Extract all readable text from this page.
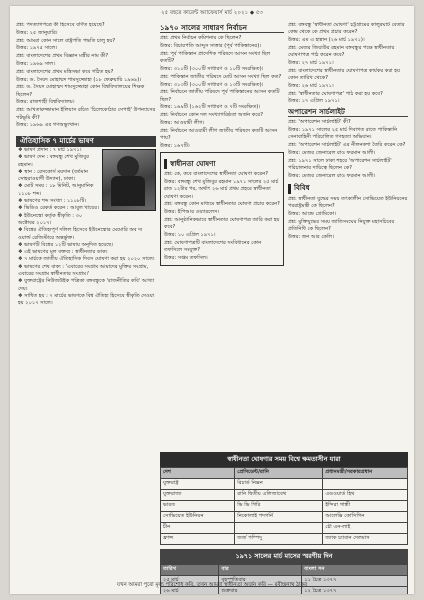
২৫ বছরে কারেন্ট অ্যাফেয়ার্স মার্চ ২০২১ ◆ ৫৩

প্রশ্ন: পদত্যাগপত্রে কী হিসেবে বর্ণিত হয়েছে?

উত্তর: ২৫ জানুয়ারি।

প্রশ্ন: আমরা কোন সালে রাষ্ট্রপতি পদ্ধতি চালু হয়?

উত্তর: ১৯৭৫ সালে।

প্রশ্ন: বাংলাদেশের প্রথম বিজ্ঞান মন্ত্রীর নাম কী?

উত্তর: ১৯৬৯ সাল।

প্রশ্ন: বাংলাদেশের প্রথম মন্ত্রিসভা কবে গঠিত হয়?

উত্তর: ড. সৈয়দ মোহাম্মদ শামসুজ্জোহা (১৮ ফেব্রুয়ারি ১৯৬৯)।

প্রশ্ন: ড. সৈয়দ মোহাম্মদ শামসুজ্জোহা কোন বিশ্ববিদ্যালয়ের শিক্ষক ছিলেন?

উত্তর: রাজশাহী বিশ্ববিদ্যালয়।

প্রশ্ন: আখতারুজ্জামান ইলিয়াস রচিত 'চিলেকোঠার সেপাই' উপন্যাসের পটভূমি কী?

উত্তর: ১৯৬৯ এর গণঅভ্যুত্থান।

ঐতিহাসিক ৭ মার্চের ভাষণ
❖ ভাষণ প্রদান : ৭ মার্চ ১৯৭১।
❖ ভাষণ দেন : বঙ্গবন্ধু শেখ মুজিবুর রহমান।
❖ স্থান : রেসকোর্স ময়দান (বর্তমান সোহরাওয়ার্দী উদ্যান), ঢাকা।
❖ মোট সময় : ১৮ মিনিট, আনুমানিক ১১০৮ শব্দ।
❖ ভাষণের শব্দ সংখ্যা : ১১০৮টি।
❖ ভিডিও রেকর্ড করেন : আবুল খায়ের।
❖ ইউনেস্কো কর্তৃক স্বীকৃতি : ৩০ অক্টোবর ২০১৭।
❖ বিশ্বের ঐতিহ্যপূর্ণ দলিল হিসেবে ইউনেস্কোর মেমোরি অব দ্য ওয়ার্ল্ড রেজিস্টারে অন্তর্ভুক্ত।
❖ ভাষণটি বিশ্বের ১২টি ভাষায় অনূদিত হয়েছে।
❖ এই ভাষণের মূল বক্তব্য : স্বাধীনতার ডাক।
❖ ৭ মার্চকে জাতীয় ঐতিহাসিক দিবস ঘোষণা করা হয় ২০২০ সালে।
❖ ভাষণের শেষ বাক্য : 'এবারের সংগ্রাম আমাদের মুক্তির সংগ্রাম, এবারের সংগ্রাম স্বাধীনতার সংগ্রাম।'
❖ যুক্তরাষ্ট্রের নিউজউইক পত্রিকা বঙ্গবন্ধুকে 'রাজনীতির কবি' আখ্যা দেয়।
❖ সাধিত হয় : ৭ মার্চের ভাষণকে বিশ্ব ঐতিহ্য হিসেবে স্বীকৃতি দেওয়া হয় ২০১৭ সালে।
১৯৭০ সালের সাধারণ নির্বাচন

প্রশ্ন: প্রথম নির্বাচন কমিশনার কে ছিলেন?

উত্তর: বিচারপতি আব্দুস সাত্তার (পূর্ব পাকিস্তানের)।

প্রশ্ন: পূর্ব পাকিস্তান প্রাদেশিক পরিষদে আসন সংখ্যা ছিল কতটি?

উত্তর: ৩১০টি (৩০০টি সাধারণ ও ১০টি সংরক্ষিত)।

প্রশ্ন: পাকিস্তান জাতীয় পরিষদে মোট আসন সংখ্যা ছিল কত?

উত্তর: ৩১৩টি (৩০০টি সাধারণ ও ১৩টি সংরক্ষিত)।

প্রশ্ন: নির্বাচনে জাতীয় পরিষদে পূর্ব পাকিস্তানের আসন কতটি ছিল?

উত্তর: ১৬৯টি (১৬২টি সাধারণ ও ৭টি সংরক্ষিত)।

প্রশ্ন: নির্বাচনে কোন দল সংখ্যাগরিষ্ঠতা অর্জন করে?

উত্তর: আওয়ামী লীগ।

প্রশ্ন: নির্বাচনে আওয়ামী লীগ জাতীয় পরিষদে কতটি আসন পায়?

উত্তর: ১৬৭টি।

স্বাধীনতা ঘোষণা

প্রশ্ন: কে, কবে বাংলাদেশের স্বাধীনতা ঘোষণা করেন?

উত্তর: বঙ্গবন্ধু শেখ মুজিবুর রহমান ১৯৭১ সালের ২৫ মার্চ রাত ১২টার পর, অর্থাৎ ২৬ মার্চ প্রথম প্রহরে স্বাধীনতা ঘোষণা করেন।

প্রশ্ন: বঙ্গবন্ধু কোন মাধ্যমে স্বাধীনতার ঘোষণা প্রচার করেন?

উত্তর: ইপিআর ওয়্যারলেস।

প্রশ্ন: আনুষ্ঠানিকভাবে স্বাধীনতার ঘোষণাপত্র জারি করা হয় কবে?

উত্তর: ১০ এপ্রিল ১৯৭১।

প্রশ্ন: ঘোষণাপত্রটি বাংলাদেশের সংবিধানের কোন তফসিলে সংযুক্ত?

উত্তর: সপ্তম তফসিল।

প্রশ্ন: বঙ্গবন্ধু 'স্বাধীনতা ঘোষণা' চট্টগ্রামের কালুরঘাট বেতার কেন্দ্র থেকে কে প্রথম প্রচার করেন?

উত্তর: এম এ হান্নান (২৬ মার্চ ১৯৭১)।

প্রশ্ন: মেজর জিয়াউর রহমান বঙ্গবন্ধুর পক্ষে স্বাধীনতার ঘোষণাপত্র পাঠ করেন কবে?

উত্তর: ২৭ মার্চ ১৯৭১।

প্রশ্ন: বাংলাদেশের স্বাধীনতার ঘোষণাপত্র কার্যকর করা হয় কোন তারিখ থেকে?

উত্তর: ২৬ মার্চ ১৯৭১।

প্রশ্ন: 'স্বাধীনতার ঘোষণাপত্র' পাঠ করা হয় কবে?

উত্তর: ১৭ এপ্রিল ১৯৭১।

অপারেশন সার্চলাইট

প্রশ্ন: 'অপারেশন সার্চলাইট' কী?

উত্তর: ১৯৭১ সালের ২৫ মার্চ দিবাগত রাতে পাকিস্তানি সেনাবাহিনী পরিচালিত গণহত্যা অভিযান।

প্রশ্ন: 'অপারেশন সার্চলাইট' এর নীলনকশা তৈরি করেন কে?

উত্তর: মেজর জেনারেল রাও ফরমান আলী।

প্রশ্ন: ১৯৭১ সালে ঢাকা শহরে 'অপারেশন সার্চলাইট' পরিচালনার দায়িত্বে ছিলেন কে?

উত্তর: মেজর জেনারেল রাও ফরমান আলী।

বিবিধ

প্রশ্ন: স্বাধীনতা যুদ্ধের সময় তৎকালীন সোভিয়েত ইউনিয়নের পররাষ্ট্রমন্ত্রী কে ছিলেন?

উত্তর: আন্দ্রে গ্রোমিকো।

প্রশ্ন: মুক্তিযুদ্ধের সময় জাতিসংঘের নিযুক্ত মহাসচিবের প্রতিনিধি কে ছিলেন?

উত্তর: জন আর কেলি।

স্বাধীনতা ঘোষণার সময় বিশ্বে ক্ষমতাসীন যারা
দেশ	প্রেসিডেন্ট/রানি	প্রধানমন্ত্রী/সরকারপ্রধান
যুক্তরাষ্ট্র	রিচার্ড নিক্সন	
যুক্তরাজ্য	রানি দ্বিতীয় এলিজাবেথ	এডওয়ার্ড হিথ
ভারত	ভি ভি গিরি	ইন্দিরা গান্ধী
সোভিয়েত ইউনিয়ন	নিকোলাই পদগর্নি	আলেক্সি কোসিগিন
চীন		চৌ এন-লাই
ফ্রান্স	জর্জ পম্পিদু	জ্যাক চ্যাবান দেলমাস
১৯৭১ সালের মার্চ মাসের স্মরণীয় দিন
তারিখ	বার	বাংলা সন
২৫ মার্চ	বৃহস্পতিবার	১১ চৈত্র ১৩৭৭
২৬ মার্চ	শুক্রবার	১২ চৈত্র ১৩৭৭
যখন আমরা পুরো মূল্য পরিশোধ করি, তখন আমরা স্বাধীনতা অর্জন করি — রবীন্দ্রনাথ ঠাকুর
